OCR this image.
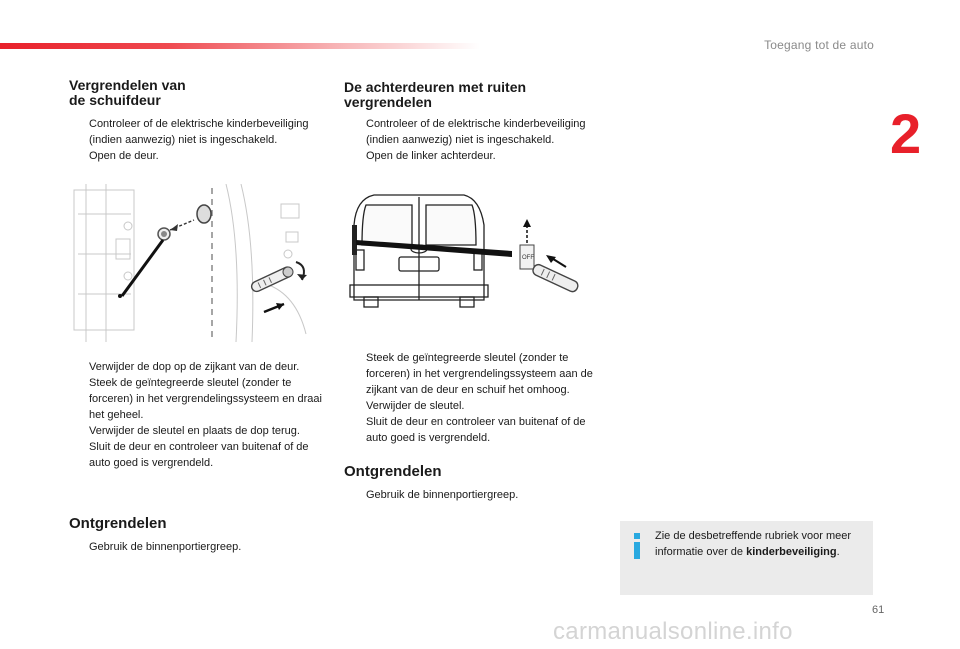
Toegang tot de auto
2
Vergrendelen van
de schuifdeur
Controleer of de elektrische kinderbeveiliging (indien aanwezig) niet is ingeschakeld.
Open de deur.
Verwijder de dop op de zijkant van de deur.
Steek de geïntegreerde sleutel (zonder te forceren) in het vergrendelingssysteem en draai het geheel.
Verwijder de sleutel en plaats de dop terug.
Sluit de deur en controleer van buitenaf of de auto goed is vergrendeld.
Ontgrendelen
Gebruik de binnenportiergreep.
De achterdeuren met ruiten
vergrendelen
Controleer of de elektrische kinderbeveiliging (indien aanwezig) niet is ingeschakeld.
Open de linker achterdeur.
OFF
Steek de geïntegreerde sleutel (zonder te forceren) in het vergrendelingssysteem aan de zijkant van de deur en schuif het omhoog.
Verwijder de sleutel.
Sluit de deur en controleer van buitenaf of de auto goed is vergrendeld.
Ontgrendelen
Gebruik de binnenportiergreep.
Zie de desbetreffende rubriek voor meer informatie over de kinderbeveiliging.
61
carmanualsonline.info
